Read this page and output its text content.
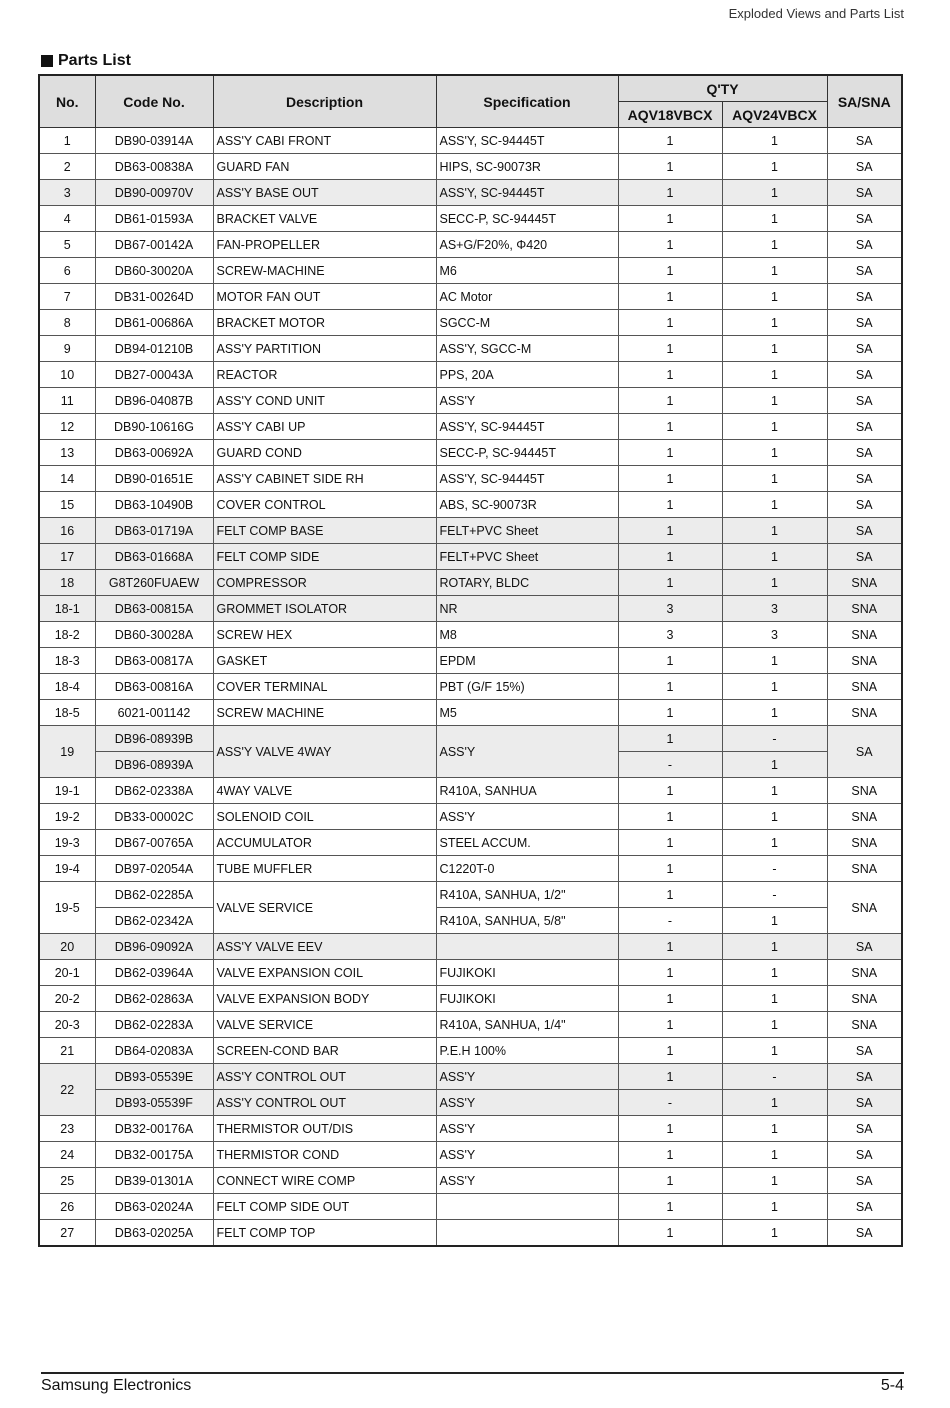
Exploded Views and Parts List
Parts List
No.	Code No.	Description	Specification	Q'TY		SA/SNA
				AQV18VBCX	AQV24VBCX	
1	DB90-03914A	ASS'Y CABI FRONT	ASS'Y, SC-94445T	1	1	SA
2	DB63-00838A	GUARD FAN	HIPS, SC-90073R	1	1	SA
3	DB90-00970V	ASS'Y BASE OUT	ASS'Y, SC-94445T	1	1	SA
4	DB61-01593A	BRACKET VALVE	SECC-P, SC-94445T	1	1	SA
5	DB67-00142A	FAN-PROPELLER	AS+G/F20%, Φ420	1	1	SA
6	DB60-30020A	SCREW-MACHINE	M6	1	1	SA
7	DB31-00264D	MOTOR FAN OUT	AC Motor	1	1	SA
8	DB61-00686A	BRACKET MOTOR	SGCC-M	1	1	SA
9	DB94-01210B	ASS'Y PARTITION	ASS'Y, SGCC-M	1	1	SA
10	DB27-00043A	REACTOR	PPS, 20A	1	1	SA
11	DB96-04087B	ASS'Y COND UNIT	ASS'Y	1	1	SA
12	DB90-10616G	ASS'Y CABI UP	ASS'Y, SC-94445T	1	1	SA
13	DB63-00692A	GUARD COND	SECC-P, SC-94445T	1	1	SA
14	DB90-01651E	ASS'Y CABINET SIDE RH	ASS'Y, SC-94445T	1	1	SA
15	DB63-10490B	COVER CONTROL	ABS, SC-90073R	1	1	SA
16	DB63-01719A	FELT COMP BASE	FELT+PVC Sheet	1	1	SA
17	DB63-01668A	FELT COMP SIDE	FELT+PVC Sheet	1	1	SA
18	G8T260FUAEW	COMPRESSOR	ROTARY, BLDC	1	1	SNA
18-1	DB63-00815A	GROMMET ISOLATOR	NR	3	3	SNA
18-2	DB60-30028A	SCREW HEX	M8	3	3	SNA
18-3	DB63-00817A	GASKET	EPDM	1	1	SNA
18-4	DB63-00816A	COVER TERMINAL	PBT (G/F 15%)	1	1	SNA
18-5	6021-001142	SCREW MACHINE	M5	1	1	SNA
19	DB96-08939B	ASS'Y VALVE 4WAY	ASS'Y	1	-	SA
	DB96-08939A			-	1	
19-1	DB62-02338A	4WAY VALVE	R410A, SANHUA	1	1	SNA
19-2	DB33-00002C	SOLENOID COIL	ASS'Y	1	1	SNA
19-3	DB67-00765A	ACCUMULATOR	STEEL ACCUM.	1	1	SNA
19-4	DB97-02054A	TUBE MUFFLER	C1220T-0	1	-	SNA
19-5	DB62-02285A	VALVE SERVICE	R410A, SANHUA, 1/2"	1	-	SNA
	DB62-02342A		R410A, SANHUA, 5/8"	-	1	
20	DB96-09092A	ASS'Y VALVE EEV		1	1	SA
20-1	DB62-03964A	VALVE EXPANSION COIL	FUJIKOKI	1	1	SNA
20-2	DB62-02863A	VALVE EXPANSION BODY	FUJIKOKI	1	1	SNA
20-3	DB62-02283A	VALVE SERVICE	R410A, SANHUA, 1/4"	1	1	SNA
21	DB64-02083A	SCREEN-COND BAR	P.E.H 100%	1	1	SA
22	DB93-05539E	ASS'Y CONTROL OUT	ASS'Y	1	-	SA
	DB93-05539F	ASS'Y CONTROL OUT	ASS'Y	-	1	SA
23	DB32-00176A	THERMISTOR OUT/DIS	ASS'Y	1	1	SA
24	DB32-00175A	THERMISTOR COND	ASS'Y	1	1	SA
25	DB39-01301A	CONNECT WIRE COMP	ASS'Y	1	1	SA
26	DB63-02024A	FELT COMP SIDE OUT		1	1	SA
27	DB63-02025A	FELT COMP TOP		1	1	SA
Samsung Electronics	5-4
